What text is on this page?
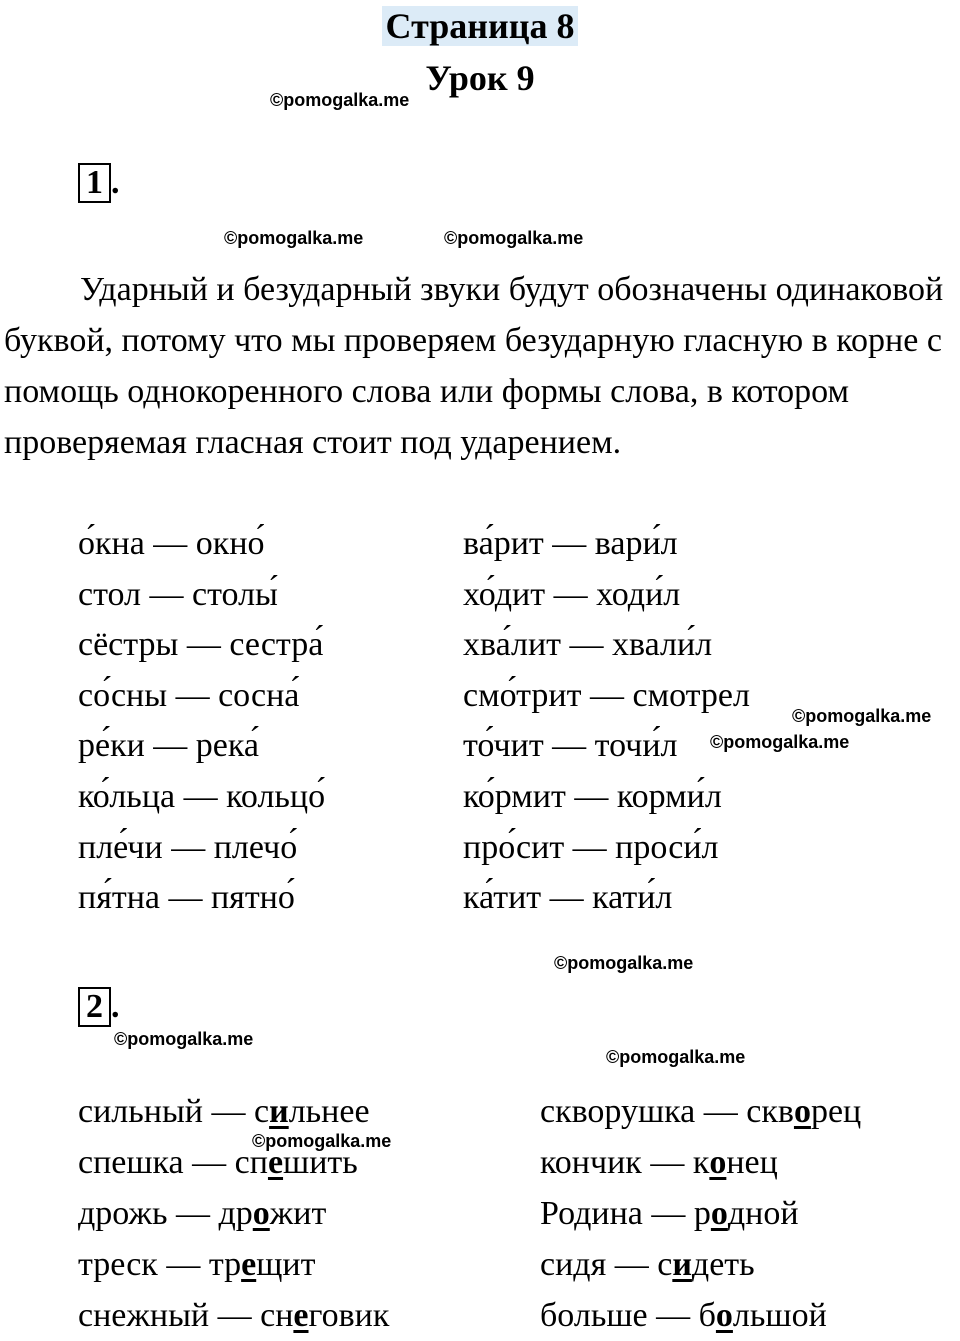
Страница 8
Урок 9
©pomogalka.me
©pomogalka.me	©pomogalka.me
©pomogalka.me
©pomogalka.me
©pomogalka.me
©pomogalka.me
©pomogalka.me
©pomogalka.me
1 .

Ударный и безударный звуки будут обозначены одинаковой буквой, потому что мы проверяем безударную гласную в корне с помощь однокоренного слова или формы слова, в котором проверяемая гласная стоит под ударением.

о́кна — окно́
стол — столы́
сёстры — сестра́
со́сны — сосна́
ре́ки — река́
ко́льца — кольцо́
пле́чи — плечо́
пя́тна — пятно́
ва́рит — вари́л
хо́дит — ходи́л
хва́лит — хвали́л
смо́трит — смотрел
то́чит — точи́л
ко́рмит — корми́л
про́сит — проси́л
ка́тит — кати́л
2 .
сильный — сильнее
спешка — спешить
дрожь — дрожит
треск — трещит
снежный — снеговик
скворушка — скворец
кончик — конец
Родина — родной
сидя — сидеть
больше — большой
